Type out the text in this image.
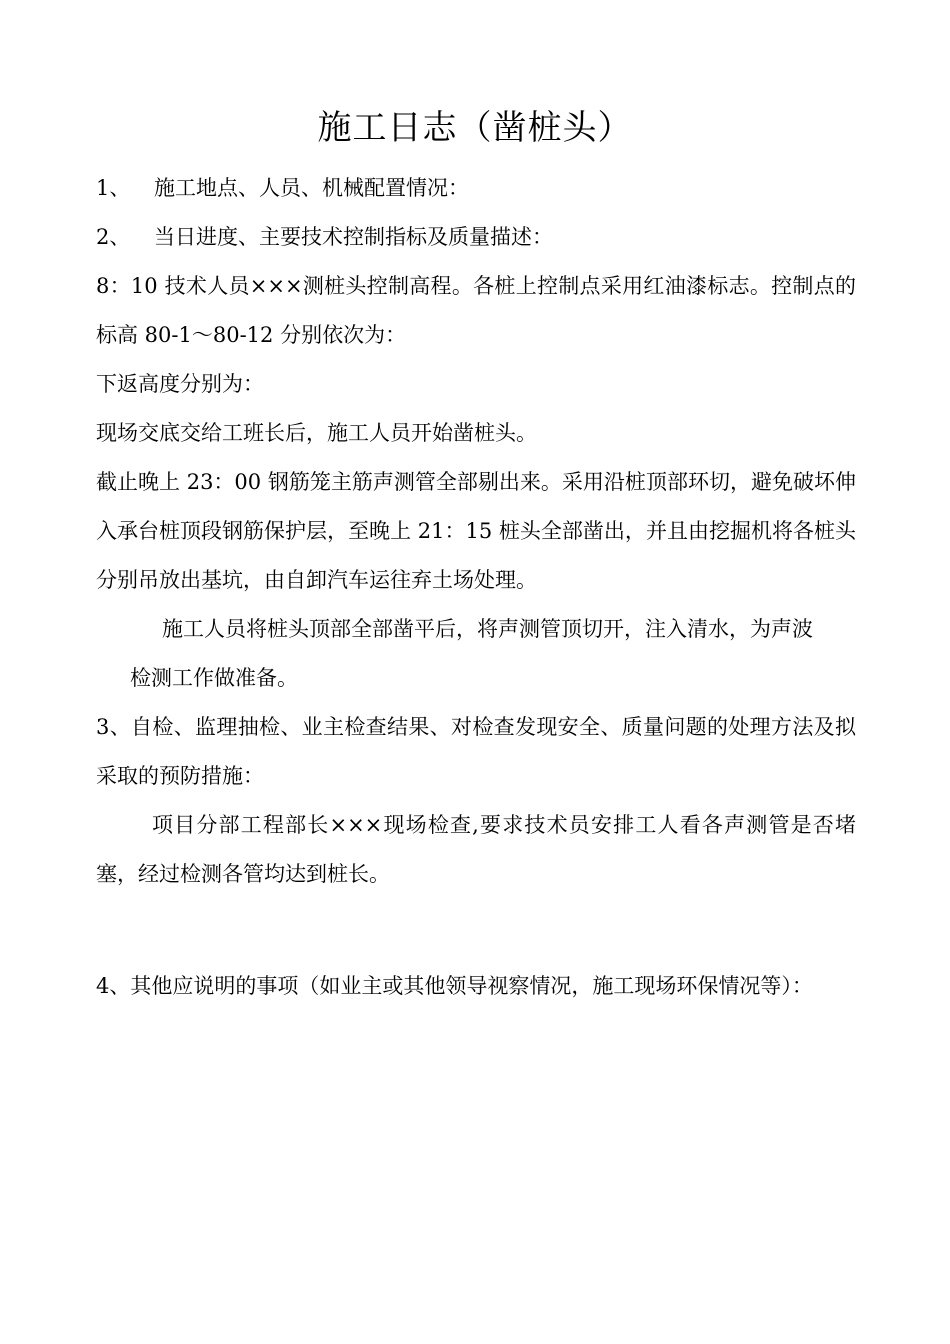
施工日志（凿桩头）

1、 施工地点、人员、机械配置情况：

2、 当日进度、主要技术控制指标及质量描述：

8：10 技术人员×××测桩头控制高程。各桩上控制点采用红油漆标志。控制点的标高 80-1～80-12 分别依次为：

下返高度分别为：

现场交底交给工班长后，施工人员开始凿桩头。

截止晚上 23：00 钢筋笼主筋声测管全部剔出来。采用沿桩顶部环切，避免破坏伸入承台桩顶段钢筋保护层，至晚上 21：15 桩头全部凿出，并且由挖掘机将各桩头分别吊放出基坑，由自卸汽车运往弃土场处理。

施工人员将桩头顶部全部凿平后，将声测管顶切开，注入清水，为声波

检测工作做准备。

3、自检、监理抽检、业主检查结果、对检查发现安全、质量问题的处理方法及拟采取的预防措施：

项目分部工程部长×××现场检查,要求技术员安排工人看各声测管是否堵塞，经过检测各管均达到桩长。

4、其他应说明的事项（如业主或其他领导视察情况，施工现场环保情况等）：
